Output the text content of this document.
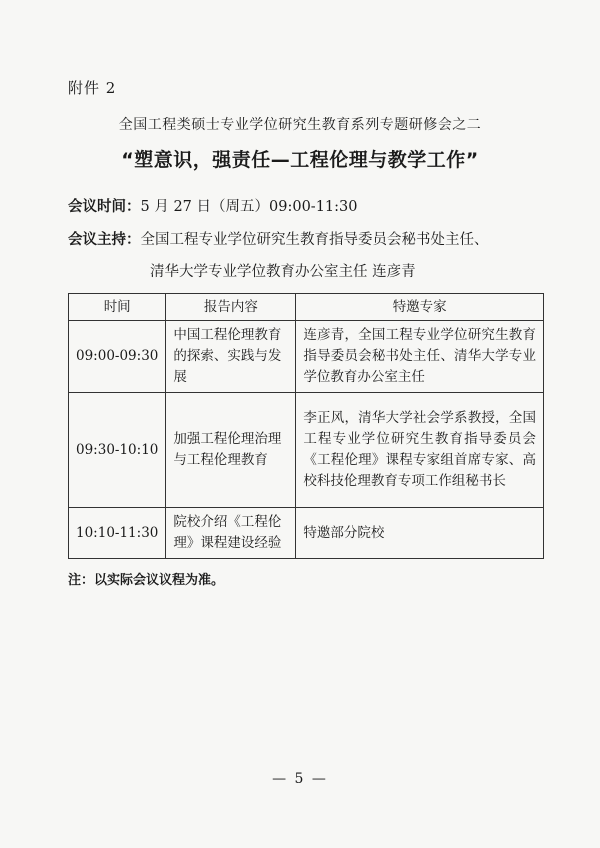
附件 2
全国工程类硕士专业学位研究生教育系列专题研修会之二
“塑意识，强责任—工程伦理与教学工作”
会议时间：5 月 27 日（周五）09:00-11:30
会议主持：全国工程专业学位研究生教育指导委员会秘书处主任、
清华大学专业学位教育办公室主任 连彦青
时间	报告内容	特邀专家
09:00-09:30	中国工程伦理教育的探索、实践与发展	连彦青，全国工程专业学位研究生教育指导委员会秘书处主任、清华大学专业学位教育办公室主任
09:30-10:10	加强工程伦理治理与工程伦理教育	李正风，清华大学社会学系教授，全国工程专业学位研究生教育指导委员会《工程伦理》课程专家组首席专家、高校科技伦理教育专项工作组秘书长
10:10-11:30	院校介绍《工程伦理》课程建设经验	特邀部分院校
注：以实际会议议程为准。
— 5 —
